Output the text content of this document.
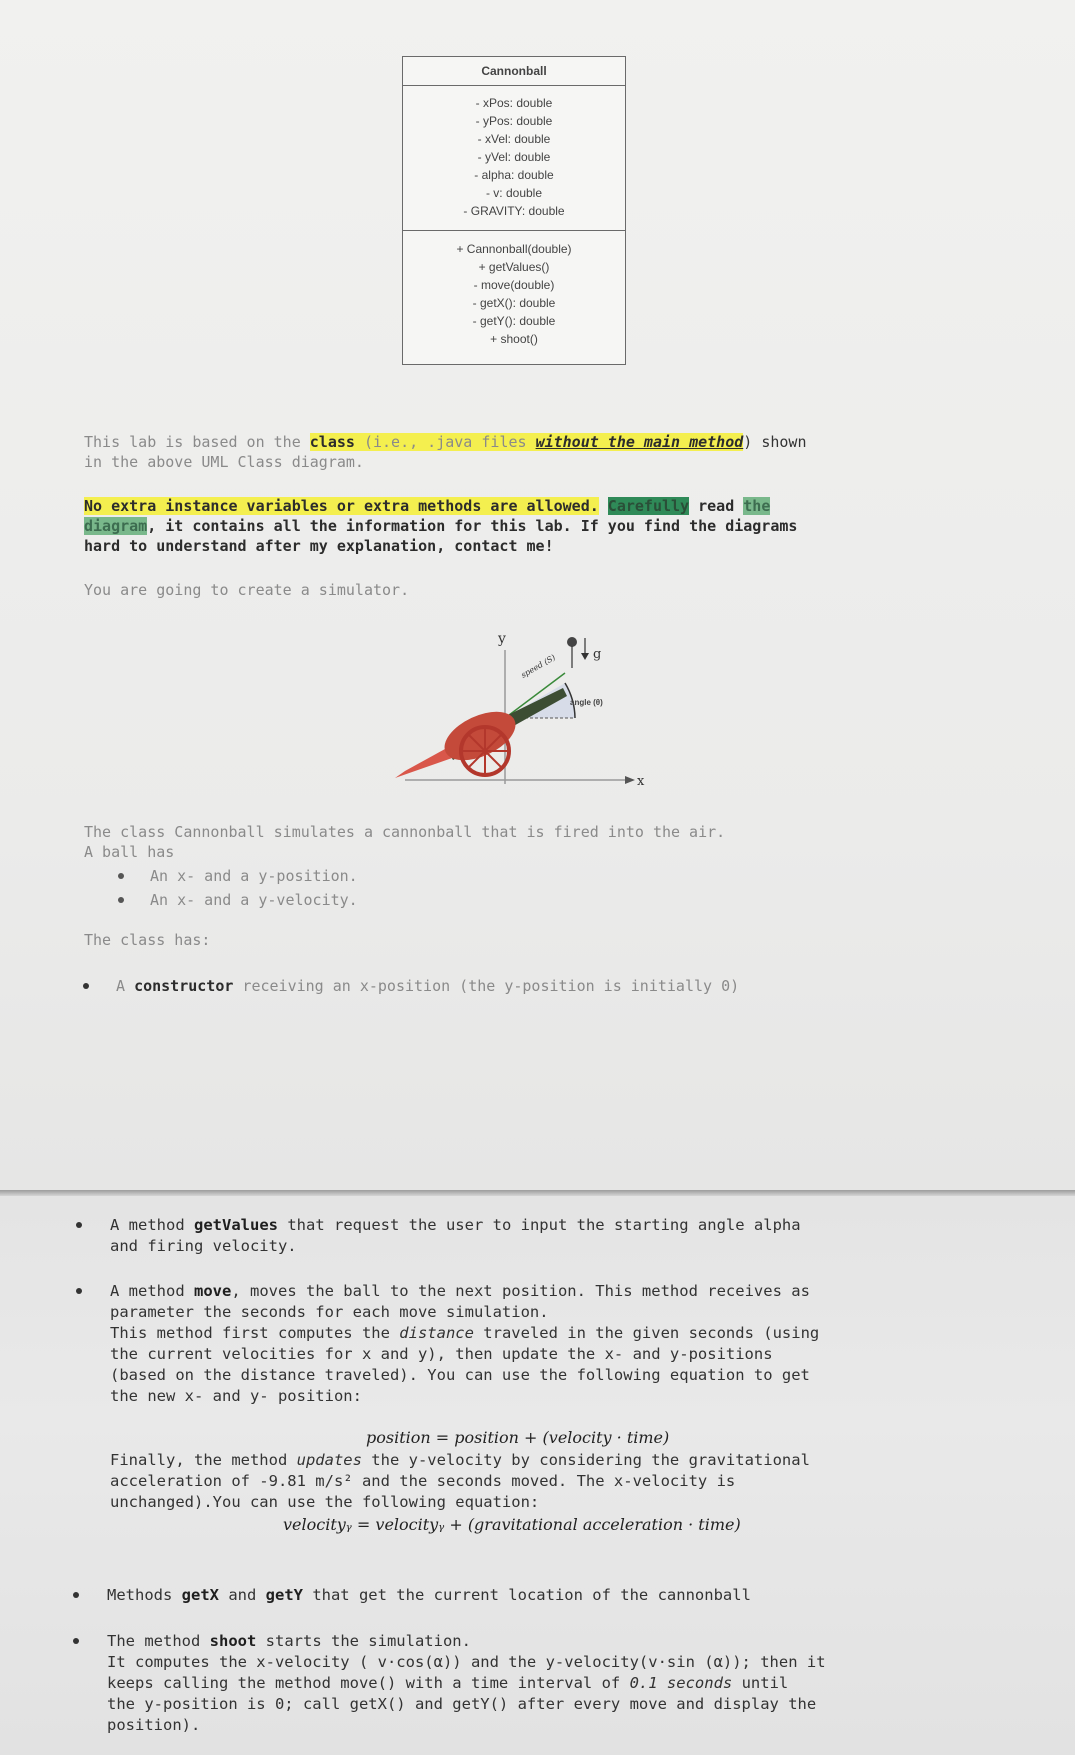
Cannonball
- xPos: double
- yPos: double
- xVel: double
- yVel: double
- alpha: double
- v: double
- GRAVITY: double
+ Cannonball(double)
+ getValues()
- move(double)
- getX(): double
- getY(): double
+ shoot()
This lab is based on the class (i.e., .java files without the main method) shown
in the above UML Class diagram.
No extra instance variables or extra methods are allowed. Carefully read the
diagram, it contains all the information for this lab. If you find the diagrams
hard to understand after my explanation, contact me!
You are going to create a simulator.
y
x
angle (θ)
speed (S)	g
The class Cannonball simulates a cannonball that is fired into the air.
A ball has
An x- and a y-position.
An x- and a y-velocity.
The class has:
A constructor receiving an x-position (the y-position is initially 0)
A method getValues that request the user to input the starting angle alpha
and firing velocity.
A method move, moves the ball to the next position. This method receives as
parameter the seconds for each move simulation.
This method first computes the distance traveled in the given seconds (using
the current velocities for x and y), then update the x- and y-positions
(based on the distance traveled). You can use the following equation to get
the new x- and y- position:
position = position + (velocity · time)
Finally, the method updates the y-velocity by considering the gravitational
acceleration of -9.81 m/s² and the seconds moved. The x-velocity is
unchanged).You can use the following equation:
velocityᵧ = velocityᵧ + (gravitational acceleration · time)
Methods getX and getY that get the current location of the cannonball
The method shoot starts the simulation.
It computes the x-velocity ( v·cos(α)) and the y-velocity(v·sin (α)); then it
keeps calling the method move() with a time interval of 0.1 seconds until
the y-position is 0; call getX() and getY() after every move and display the
position).
